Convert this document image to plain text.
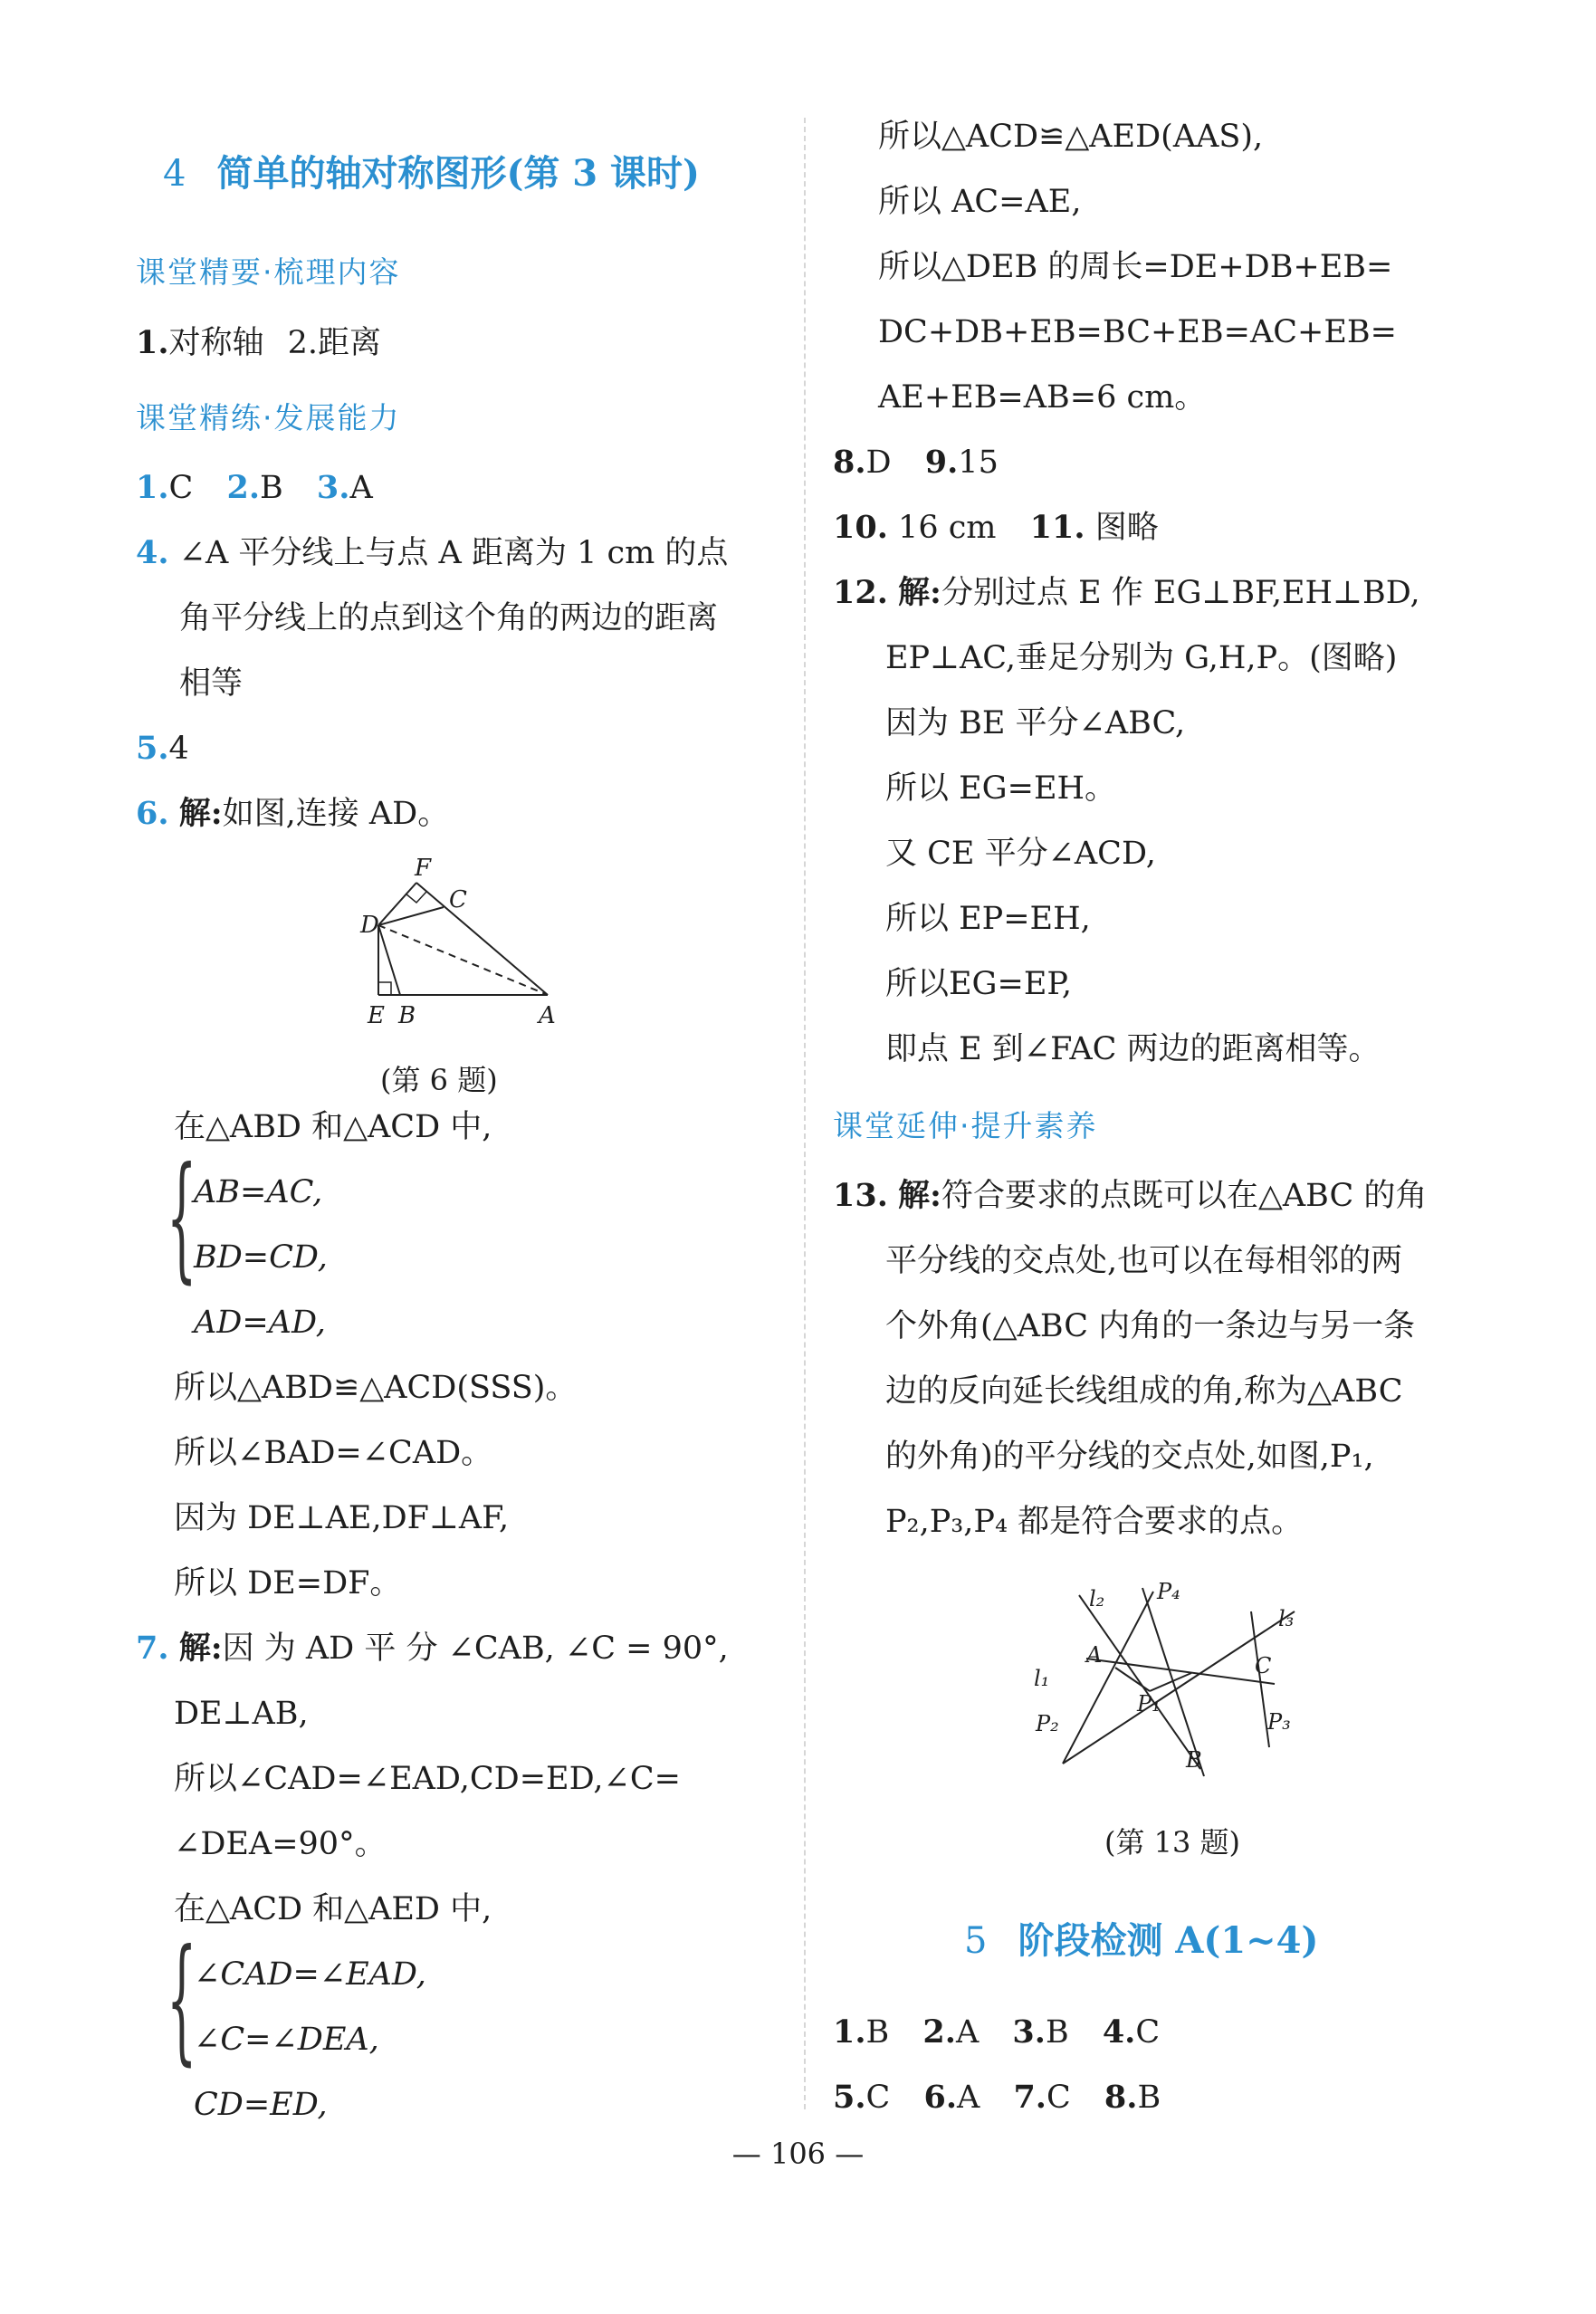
4 简单的轴对称图形(第 3 课时)
课堂精要·梳理内容
1.对称轴 2.距离
课堂精练·发展能力
1.C 2.B 3.A
4. ∠A 平分线上与点 A 距离为 1 cm 的点
角平分线上的点到这个角的两边的距离
相等
5.4
6. 解:如图,连接 AD。
D
F
C
E B	A
(第 6 题)
在△ABD 和△ACD 中,
{
AB=AC,
BD=CD,
AD=AD,
所以△ABD≌△ACD(SSS)。
所以∠BAD=∠CAD。
因为 DE⊥AE,DF⊥AF,
所以 DE=DF。
7. 解:因 为 AD 平 分 ∠CAB, ∠C = 90°,
DE⊥AB,
所以∠CAD=∠EAD,CD=ED,∠C=
∠DEA=90°。
在△ACD 和△AED 中,
{
∠CAD=∠EAD,
∠C=∠DEA,
CD=ED,
所以△ACD≌△AED(AAS),
所以 AC=AE,
所以△DEB 的周长=DE+DB+EB=
DC+DB+EB=BC+EB=AC+EB=
AE+EB=AB=6 cm。
8.D 9.15
10. 16 cm 11. 图略
12. 解:分别过点 E 作 EG⊥BF,EH⊥BD,
EP⊥AC,垂足分别为 G,H,P。(图略)
因为 BE 平分∠ABC,
所以 EG=EH。
又 CE 平分∠ACD,
所以 EP=EH,
所以EG=EP,
即点 E 到∠FAC 两边的距离相等。
课堂延伸·提升素养
13. 解:符合要求的点既可以在△ABC 的角
平分线的交点处,也可以在每相邻的两
个外角(△ABC 内角的一条边与另一条
边的反向延长线组成的角,称为△ABC
的外角)的平分线的交点处,如图,P₁,
P₂,P₃,P₄ 都是符合要求的点。
l₂ P₄
l₃
A
l₁	C
P₁
P₂	P₃
B
(第 13 题)
5 阶段检测 A(1~4)
1.B 2.A 3.B 4.C
5.C 6.A 7.C 8.B
— 106 —
